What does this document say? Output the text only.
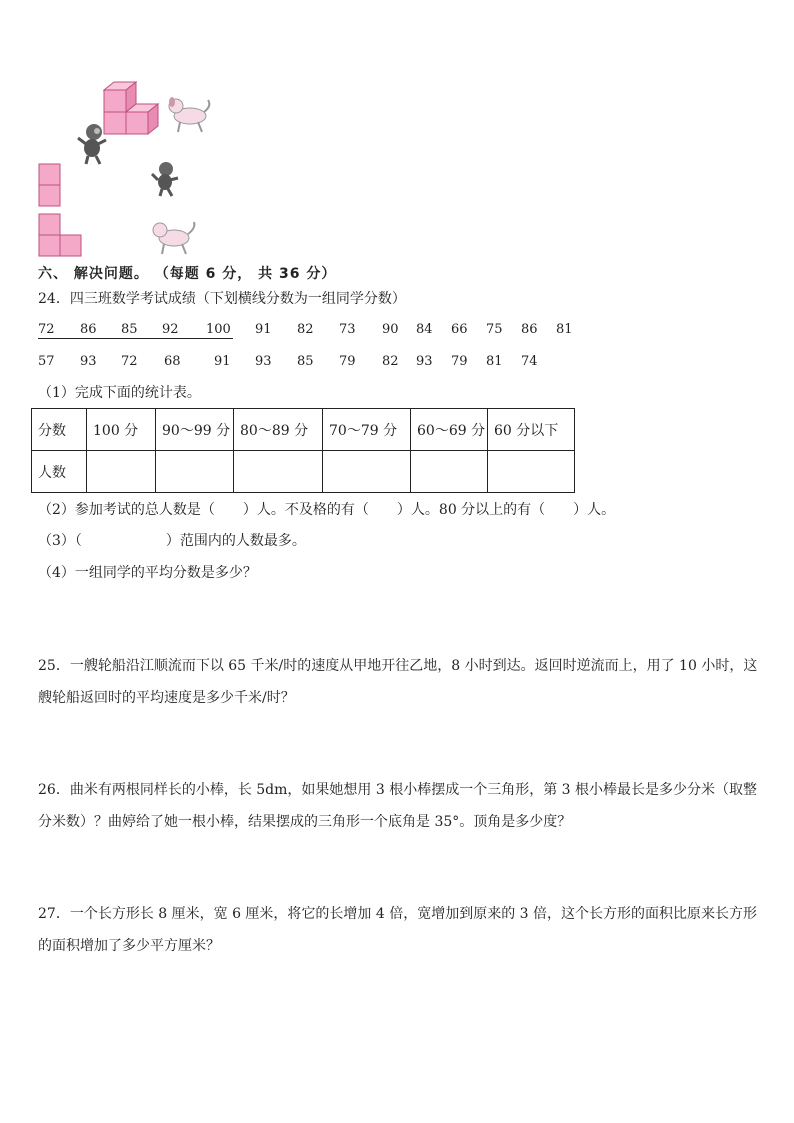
六、 解决问题。 （每题 6 分， 共 36 分）
24．四三班数学考试成绩（下划横线分数为一组同学分数）
72 86 85 92 100 91 82 73 90 84 66 75 86 81
57 93 72 68	91 93 85 79 82 93 79 81 74
（1）完成下面的统计表。
分数	100 分	90～99 分	80～89 分	70～79 分	60～69 分	60 分以下
人数						
（2）参加考试的总人数是（　　）人。不及格的有（　　）人。80 分以上的有（　　）人。
（3）（　　　　　　）范围内的人数最多。
（4）一组同学的平均分数是多少？
25．一艘轮船沿江顺流而下以 65 千米/时的速度从甲地开往乙地，8 小时到达。返回时逆流而上，用了 10 小时，这艘轮船返回时的平均速度是多少千米/时？
26．曲米有两根同样长的小棒，长 5dm，如果她想用 3 根小棒摆成一个三角形，第 3 根小棒最长是多少分米（取整分米数）？曲婷给了她一根小棒，结果摆成的三角形一个底角是 35°。顶角是多少度？
27．一个长方形长 8 厘米，宽 6 厘米，将它的长增加 4 倍，宽增加到原来的 3 倍，这个长方形的面积比原来长方形的面积增加了多少平方厘米？
